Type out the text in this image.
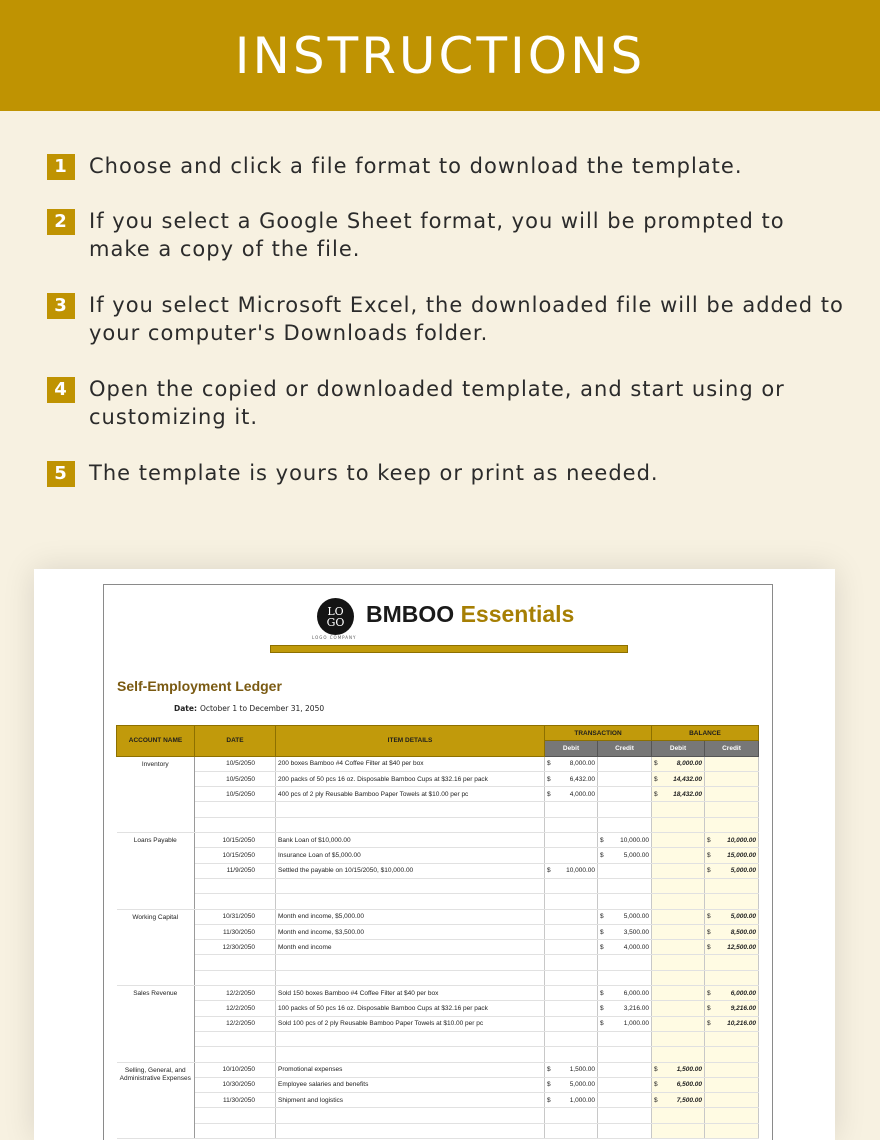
INSTRUCTIONS
1	Choose and click a file format to download the template.
2	If you select a Google Sheet format, you will be prompted to make a copy of the file.
3	If you select Microsoft Excel, the downloaded file will be added to your computer's Downloads folder.
4	Open the copied or downloaded template, and start using or customizing it.
5	The template is yours to keep or print as needed.
LO
GO
LOGO COMPANY
BMBOO Essentials
Self-Employment Ledger
Date: October 1 to December 31, 2050
ACCOUNT NAME	DATE	ITEM DETAILS	TRANSACTION		BALANCE	
			Debit	Credit	Debit	Credit
Inventory	10/5/2050	200 boxes Bamboo #4 Coffee Filter at $40 per box	$ 8,000.00		$ 8,000.00	

	10/5/2050	200 packs of 50 pcs 16 oz. Disposable Bamboo Cups at $32.16 per pack	$ 6,432.00		$ 14,432.00	

	10/5/2050	400 pcs of 2 ply Reusable Bamboo Paper Towels at $10.00 per pc	$ 4,000.00		$ 18,432.00	

Loans Payable	10/15/2050	Bank Loan of $10,000.00		$ 10,000.00		$ 10,000.00

	10/15/2050	Insurance Loan of $5,000.00		$ 5,000.00		$ 15,000.00

	11/9/2050	Settled the payable on 10/15/2050, $10,000.00	$ 10,000.00			$ 5,000.00

Working Capital	10/31/2050	Month end income, $5,000.00		$ 5,000.00		$ 5,000.00

	11/30/2050	Month end income, $3,500.00		$ 3,500.00		$ 8,500.00

	12/30/2050	Month end income		$ 4,000.00		$ 12,500.00

Sales Revenue	12/2/2050	Sold 150 boxes Bamboo #4 Coffee Filter at $40 per box		$ 6,000.00		$ 6,000.00

	12/2/2050	100 packs of 50 pcs 16 oz. Disposable Bamboo Cups at $32.16 per pack		$ 3,216.00		$ 9,216.00

	12/2/2050	Sold 100 pcs of 2 ply Reusable Bamboo Paper Towels at $10.00 per pc		$ 1,000.00		$ 10,216.00

Selling, General, and Administrative Expenses	10/10/2050	Promotional expenses	$ 1,500.00		$ 1,500.00	

	10/30/2050	Employee salaries and benefits	$ 5,000.00		$ 6,500.00	

	11/30/2050	Shipment and logistics	$ 1,000.00		$ 7,500.00	
